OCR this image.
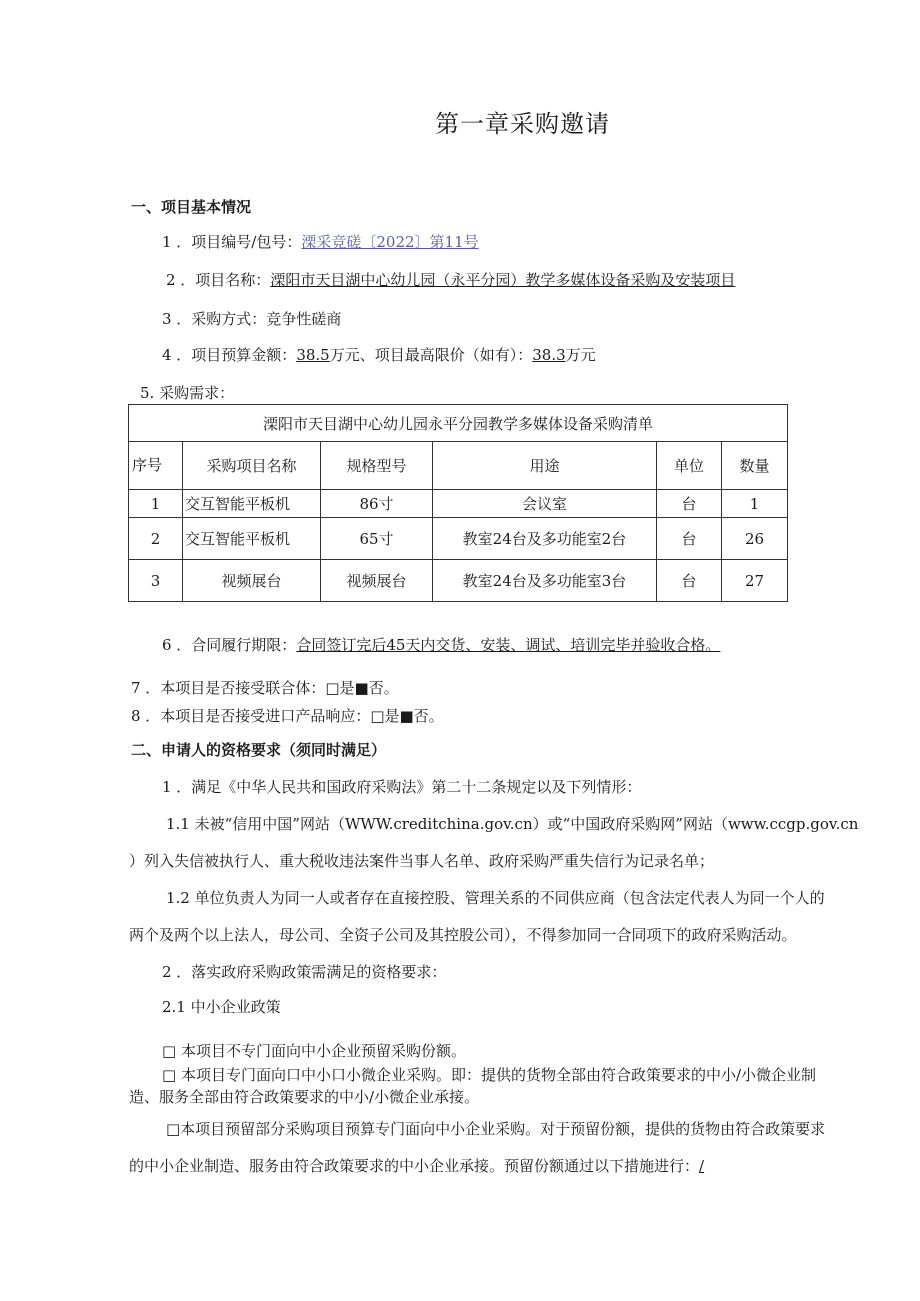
第一章采购邀请
一、项目基本情况
1 ．项目编号/包号：溧采竞磋〔2022〕第11号
2 ．项目名称：溧阳市天目湖中心幼儿园（永平分园）教学多媒体设备采购及安装项目
3 ．采购方式：竞争性磋商
4 ．项目预算金额：38.5万元、项目最高限价（如有）：38.3万元
5. 采购需求：
溧阳市天目湖中心幼儿园永平分园教学多媒体设备采购清单					
序号	采购项目名称	规格型号	用途	单位	数量
1	交互智能平板机	86寸	会议室	台	1
2	交互智能平板机	65寸	教室24台及多功能室2台	台	26
3	视频展台	视频展台	教室24台及多功能室3台	台	27
6 ．合同履行期限：合同签订完后45天内交货、安装、调试、培训完毕并验收合格。
7 ．本项目是否接受联合体：□是■否。
8 ．本项目是否接受进口产品响应：□是■否。
二、申请人的资格要求（须同时满足）
1 ．满足《中华人民共和国政府采购法》第二十二条规定以及下列情形：
1.1 未被“信用中国”网站（WWW.creditchina.gov.cn）或“中国政府采购网”网站（www.ccgp.gov.cn
）列入失信被执行人、重大税收违法案件当事人名单、政府采购严重失信行为记录名单；
1.2 单位负责人为同一人或者存在直接控股、管理关系的不同供应商（包含法定代表人为同一个人的
两个及两个以上法人，母公司、全资子公司及其控股公司），不得参加同一合同项下的政府采购活动。
2 ．落实政府采购政策需满足的资格要求：
2.1 中小企业政策
□ 本项目不专门面向中小企业预留采购份额。
□ 本项目专门面向口中小口小微企业采购。即：提供的货物全部由符合政策要求的中小/小微企业制
造、服务全部由符合政策要求的中小/小微企业承接。
□本项目预留部分采购项目预算专门面向中小企业采购。对于预留份额，提供的货物由符合政策要求
的中小企业制造、服务由符合政策要求的中小企业承接。预留份额通过以下措施进行：/
